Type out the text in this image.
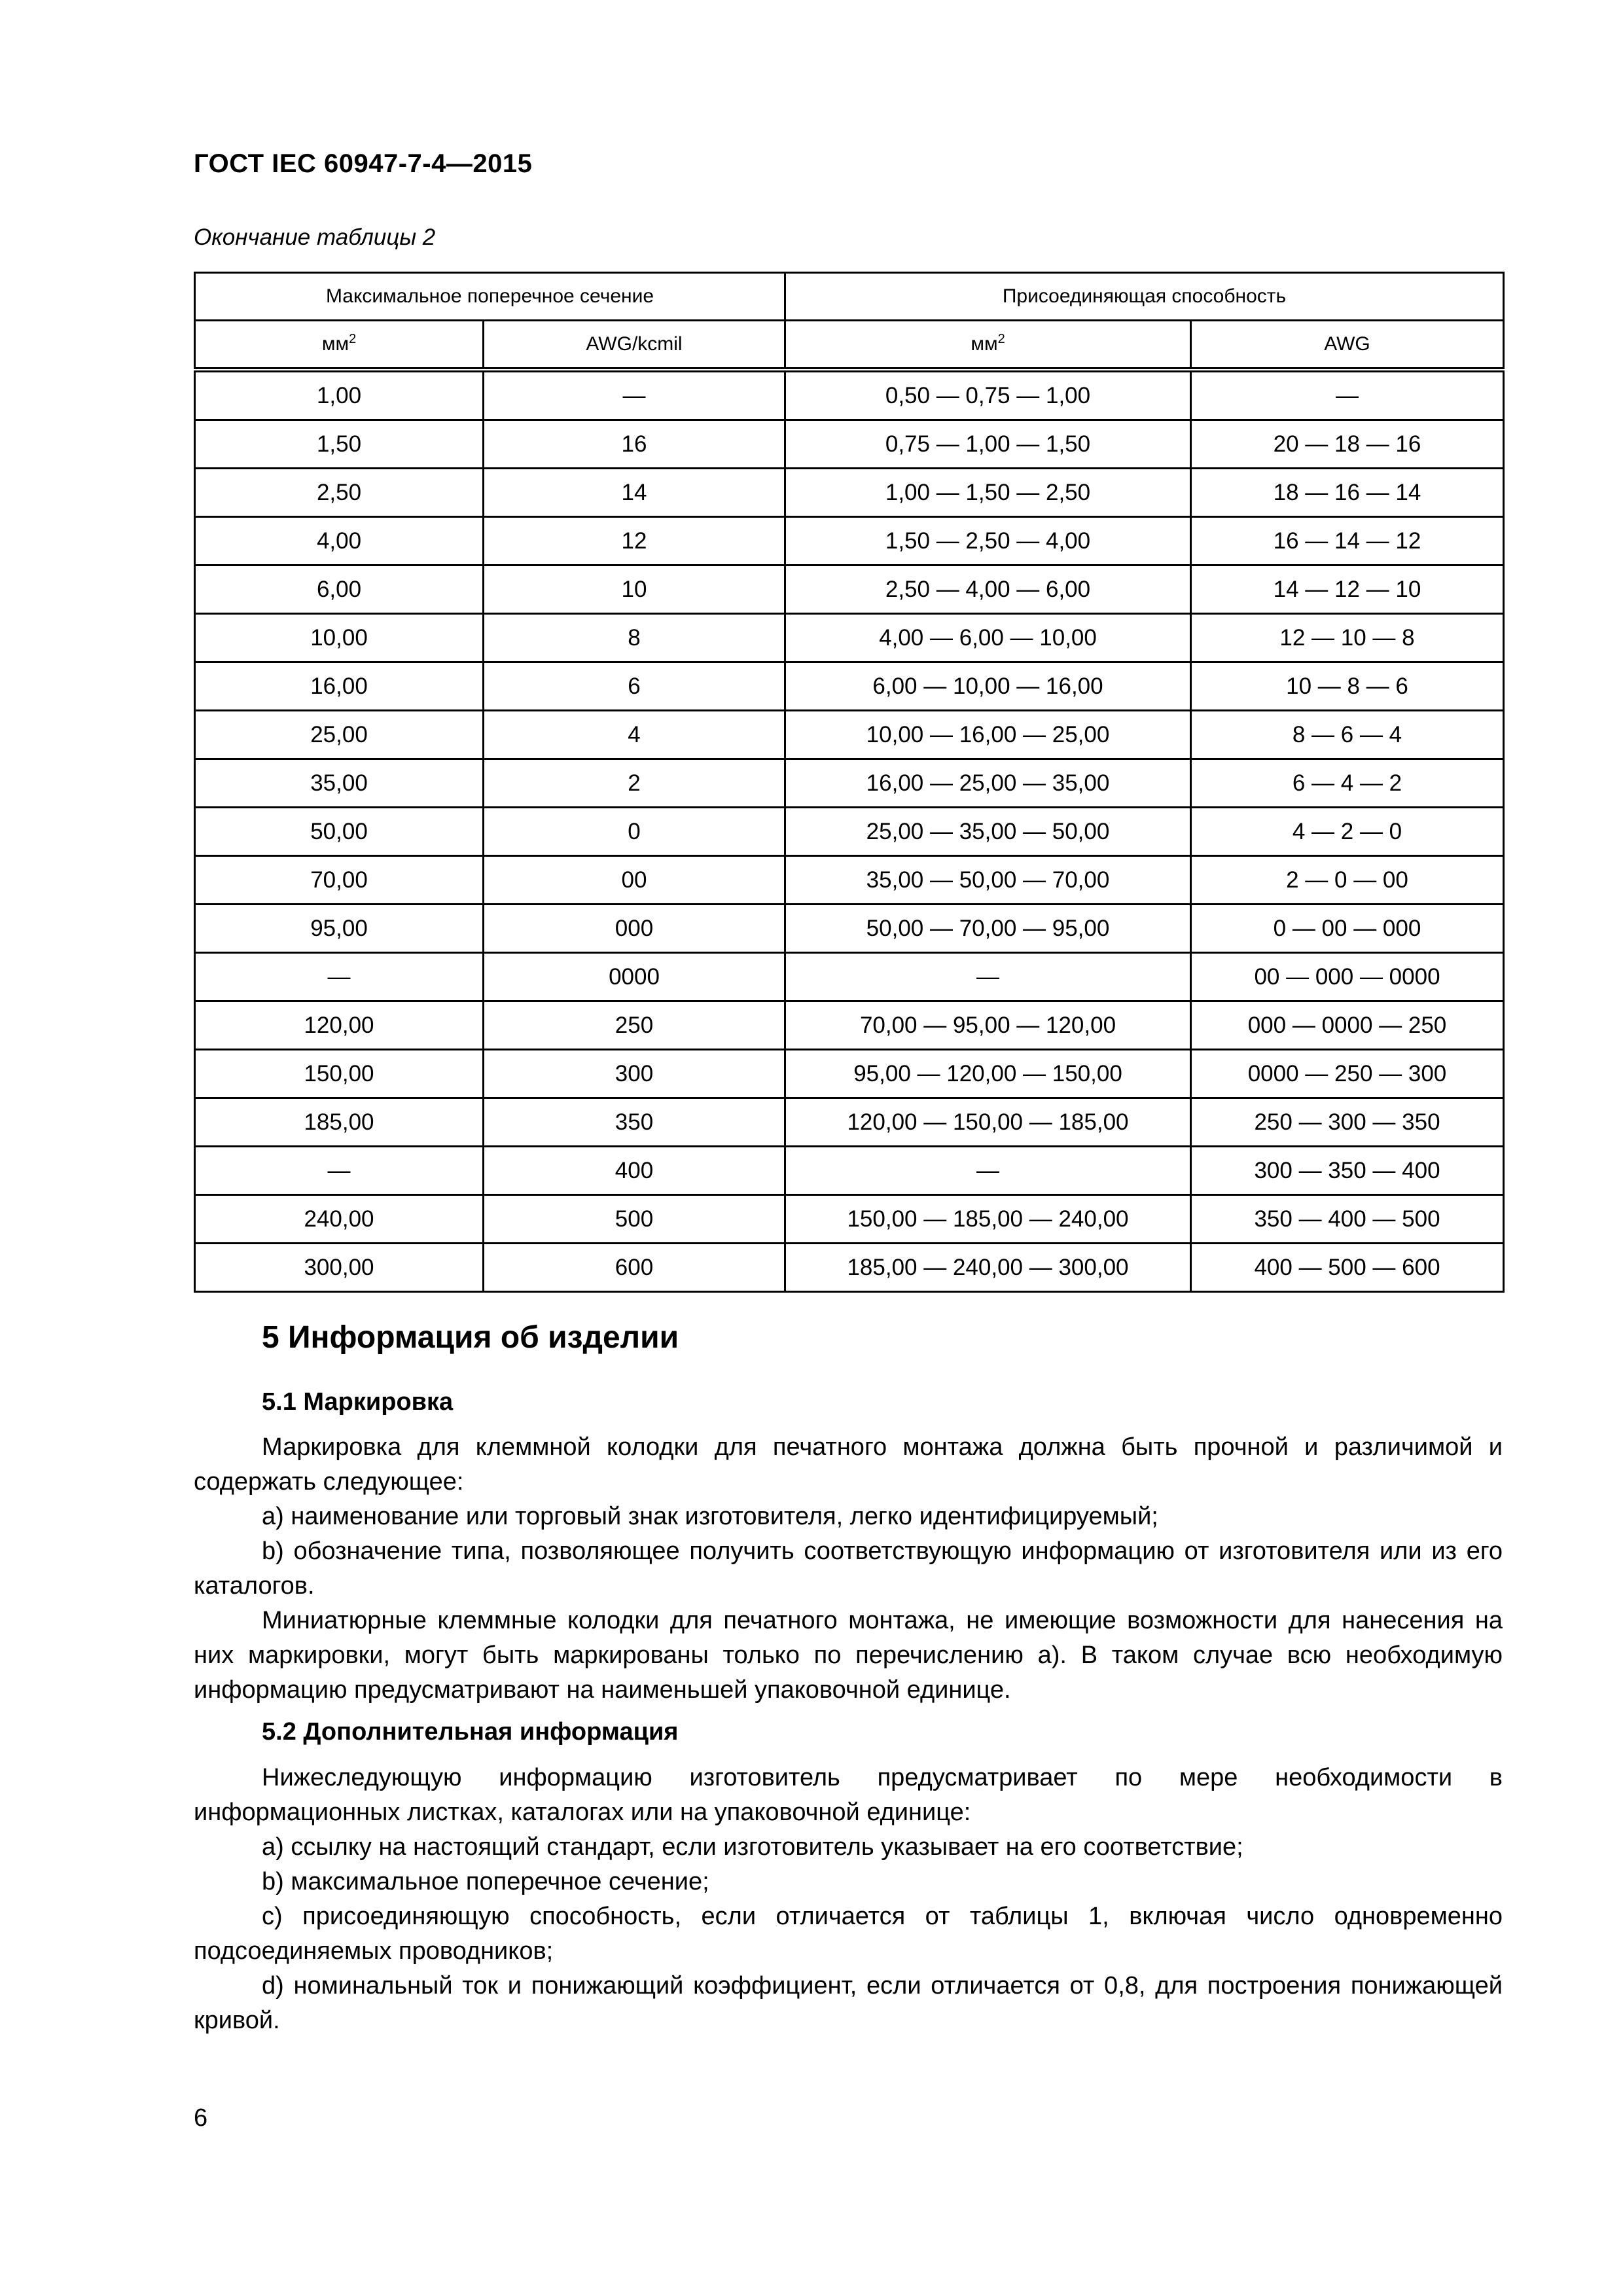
ГОСТ IEC 60947-7-4—2015
Окончание таблицы 2
Максимальное поперечное сечение		Присоединяющая способность	
$мм^2$	AWG/kcmil	$мм^2$	AWG
1,00	—	0,50 — 0,75 — 1,00	—
1,50	16	0,75 — 1,00 — 1,50	20 — 18 — 16
2,50	14	1,00 — 1,50 — 2,50	18 — 16 — 14
4,00	12	1,50 — 2,50 — 4,00	16 — 14 — 12
6,00	10	2,50 — 4,00 — 6,00	14 — 12 — 10
10,00	8	4,00 — 6,00 — 10,00	12 — 10 — 8
16,00	6	6,00 — 10,00 — 16,00	10 — 8 — 6
25,00	4	10,00 — 16,00 — 25,00	8 — 6 — 4
35,00	2	16,00 — 25,00 — 35,00	6 — 4 — 2
50,00	0	25,00 — 35,00 — 50,00	4 — 2 — 0
70,00	00	35,00 — 50,00 — 70,00	2 — 0 — 00
95,00	000	50,00 — 70,00 — 95,00	0 — 00 — 000
—	0000	—	00 — 000 — 0000
120,00	250	70,00 — 95,00 — 120,00	000 — 0000 — 250
150,00	300	95,00 — 120,00 — 150,00	0000 — 250 — 300
185,00	350	120,00 — 150,00 — 185,00	250 — 300 — 350
—	400	—	300 — 350 — 400
240,00	500	150,00 — 185,00 — 240,00	350 — 400 — 500
300,00	600	185,00 — 240,00 — 300,00	400 — 500 — 600
5 Информация об изделии
5.1 Маркировка
Маркировка для клеммной колодки для печатного монтажа должна быть прочной и различимой и содержать следующее:
a) наименование или торговый знак изготовителя, легко идентифицируемый;
b) обозначение типа, позволяющее получить соответствующую информацию от изготовителя или из его каталогов.
Миниатюрные клеммные колодки для печатного монтажа, не имеющие возможности для нанесения на них маркировки, могут быть маркированы только по перечислению a). В таком случае всю необходимую информацию предусматривают на наименьшей упаковочной единице.
5.2 Дополнительная информация
Нижеследующую информацию изготовитель предусматривает по мере необходимости в информационных листках, каталогах или на упаковочной единице:
a) ссылку на настоящий стандарт, если изготовитель указывает на его соответствие;
b) максимальное поперечное сечение;
c) присоединяющую способность, если отличается от таблицы 1, включая число одновременно подсоединяемых проводников;
d) номинальный ток и понижающий коэффициент, если отличается от 0,8, для построения понижающей кривой.
6
